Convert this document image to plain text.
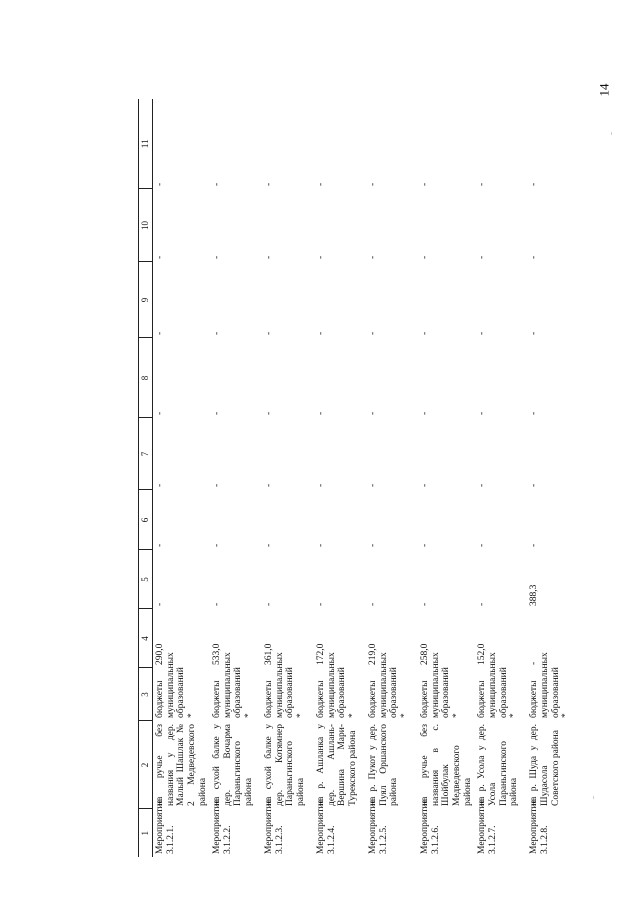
14
1	2	3	4	5	6	7	8	9	10	11
Мероприятие 3.1.2.1.	на ручье без названия у дер. Малый Шашлак № 2 Медведевского района	бюджеты муниципальных образований *	290,0	-	-	-	-	-	-	-
Мероприятие 3.1.2.2.	на сухой балке у дер. Вочарма Параньгинского района	бюджеты муниципальных образований *	533,0	-	-	-	-	-	-	-
Мероприятие 3.1.2.3.	на сухой балке у дер. Котямнер Параньгинского района	бюджеты муниципальных образований *	361,0	-	-	-	-	-	-	-
Мероприятие 3.1.2.4.	на р. Ашланка у дер. Ашлань-Вершина Мари-Турекского района	бюджеты муниципальных образований *	172,0	-	-	-	-	-	-	-
Мероприятие 3.1.2.5.	на р. Пукот у дер. Пуял Оршанского района	бюджеты муниципальных образований *	219,0	-	-	-	-	-	-	-
Мероприятие 3.1.2.6.	на ручье без названия в с. Шойбулак Медведевского района	бюджеты муниципальных образований *	258,0	-	-	-	-	-	-	-
Мероприятие 3.1.2.7.	на р. Усола у дер. Усола Параньгинского района	бюджеты муниципальных образований *	152,0	-	-	-	-	-	-	-
Мероприятие 3.1.2.8.	на р. Шуда у дер. Шудасола Советского района	бюджеты муниципальных образований *	-	388,3	-	-	-	-	-	-
